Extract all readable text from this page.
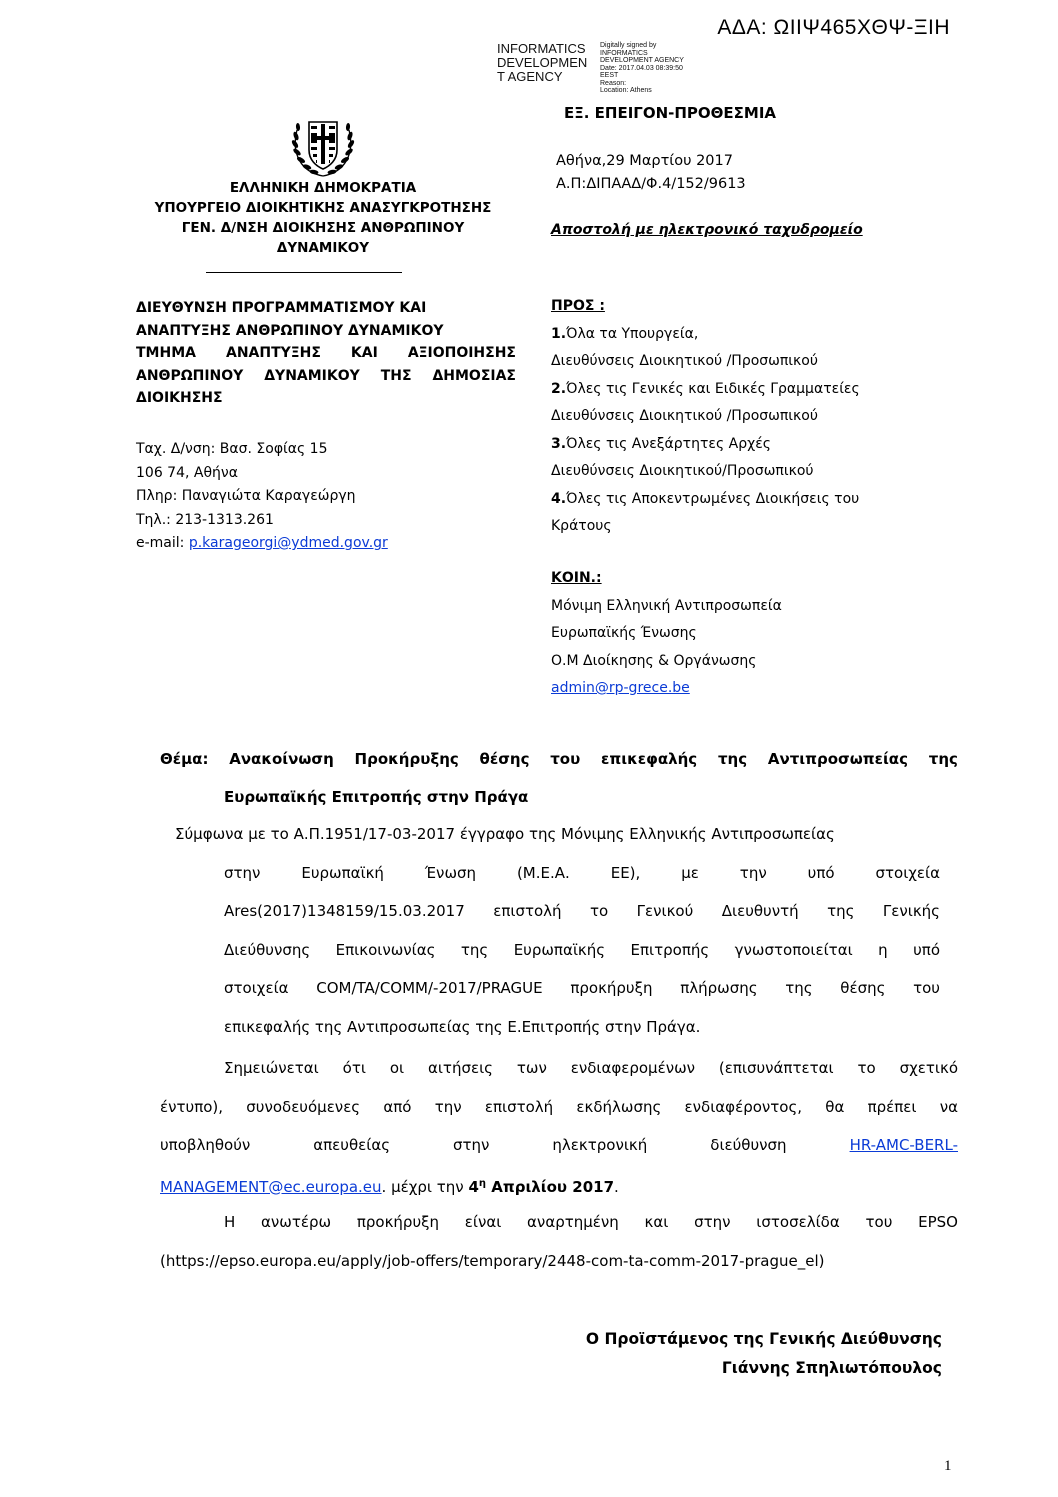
ΑΔΑ: ΩΙΙΨ465ΧΘΨ-ΞΙΗ
INFORMATICS
DEVELOPMEN
T AGENCY
Digitally signed by
INFORMATICS
DEVELOPMENT AGENCY
Date: 2017.04.03 08:39:50
EEST
Reason:
Location: Athens
ΕΞ. ΕΠΕΙΓΟΝ-ΠΡΟΘΕΣΜΙΑ
ΕΛΛΗΝΙΚΗ ΔΗΜΟΚΡΑΤΙΑ
ΥΠΟΥΡΓΕΙΟ ΔΙΟΙΚΗΤΙΚΗΣ ΑΝΑΣΥΓΚΡΟΤΗΣΗΣ
ΓΕΝ. Δ/ΝΣΗ ΔΙΟΙΚΗΣΗΣ ΑΝΘΡΩΠΙΝΟΥ
ΔΥΝΑΜΙΚΟΥ
ΔΙΕΥΘΥΝΣΗ ΠΡΟΓΡΑΜΜΑΤΙΣΜΟΥ ΚΑΙ
ΑΝΑΠΤΥΞΗΣ ΑΝΘΡΩΠΙΝΟΥ ΔΥΝΑΜΙΚΟΥ
ΤΜΗΜΑ ΑΝΑΠΤΥΞΗΣ ΚΑΙ ΑΞΙΟΠΟΙΗΣΗΣ
ΑΝΘΡΩΠΙΝΟΥ ΔΥΝΑΜΙΚΟΥ ΤΗΣ ΔΗΜΟΣΙΑΣ
ΔΙΟΙΚΗΣΗΣ
Ταχ. Δ/νση: Βασ. Σοφίας 15
106 74, Αθήνα
Πληρ: Παναγιώτα Καραγεώργη
Τηλ.: 213-1313.261
e-mail: p.karageorgi@ydmed.gov.gr
Αθήνα,29 Μαρτίου 2017
Α.Π:ΔΙΠΑΑΔ/Φ.4/152/9613
Αποστολή με ηλεκτρονικό ταχυδρομείο
ΠΡΟΣ :
1.Όλα τα Υπουργεία,
Διευθύνσεις Διοικητικού /Προσωπικού
2.Όλες τις Γενικές και Ειδικές Γραμματείες
Διευθύνσεις Διοικητικού /Προσωπικού
3.Όλες τις Ανεξάρτητες Αρχές
Διευθύνσεις Διοικητικού/Προσωπικού
4.Όλες τις Αποκεντρωμένες Διοικήσεις του
Κράτους
ΚΟΙΝ.:
Μόνιμη Ελληνική Αντιπροσωπεία
Ευρωπαϊκής Ένωσης
Ο.Μ Διοίκησης & Οργάνωσης
admin@rp-grece.be
Θέμα: Ανακοίνωση Προκήρυξης θέσης του επικεφαλής της Αντιπροσωπείας της
Ευρωπαϊκής Επιτροπής στην Πράγα
Σύμφωνα με το Α.Π.1951/17-03-2017 έγγραφο της Μόνιμης Ελληνικής Αντιπροσωπείας
στην Ευρωπαϊκή Ένωση (Μ.Ε.Α. ΕΕ), με την υπό στοιχεία
Ares(2017)1348159/15.03.2017 επιστολή το Γενικού Διευθυντή της Γενικής
Διεύθυνσης Επικοινωνίας της Ευρωπαϊκής Επιτροπής γνωστοποιείται η υπό
στοιχεία COM/TA/COMM/-2017/PRAGUE προκήρυξη πλήρωσης της θέσης του
επικεφαλής της Αντιπροσωπείας της Ε.Επιτροπής στην Πράγα.
Σημειώνεται ότι οι αιτήσεις των ενδιαφερομένων (επισυνάπτεται το σχετικό
έντυπο), συνοδευόμενες από την επιστολή εκδήλωσης ενδιαφέροντος, θα πρέπει να
υποβληθούν απευθείας στην ηλεκτρονική διεύθυνση	HR-AMC-BERL-
MANAGEMENT@ec.europa.eu. μέχρι την $4^\eta$ Απριλίου 2017.
Η ανωτέρω προκήρυξη είναι αναρτημένη και στην ιστοσελίδα του EPSO
(https://epso.europa.eu/apply/job-offers/temporary/2448-com-ta-comm-2017-prague_el)
Ο Προϊστάμενος της Γενικής Διεύθυνσης
Γιάννης Σπηλιωτόπουλος
1
